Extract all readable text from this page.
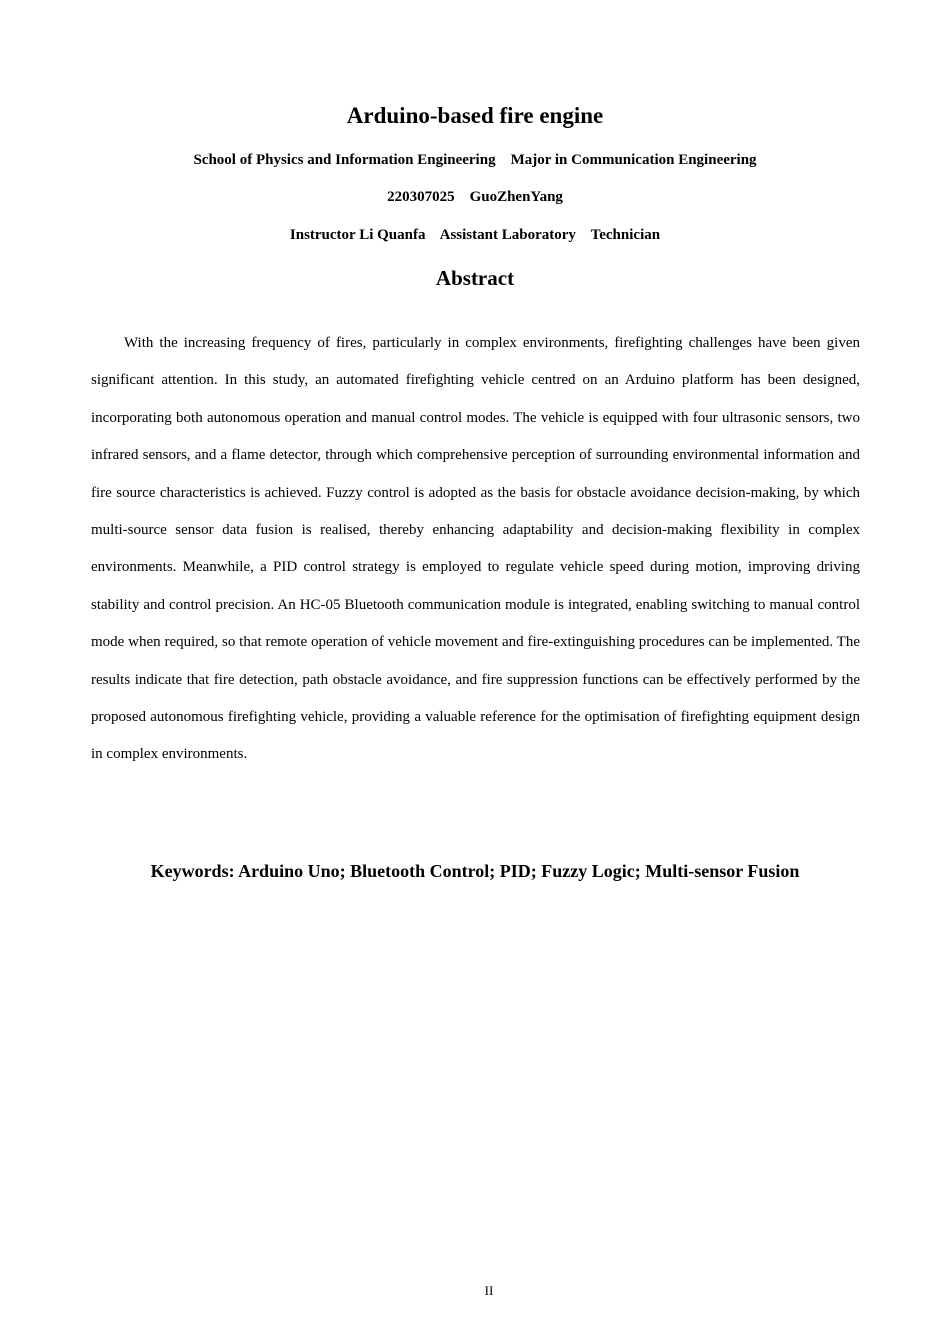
Arduino-based fire engine
School of Physics and Information Engineering    Major in Communication Engineering
220307025    GuoZhenYang
Instructor Li Quanfa    Assistant Laboratory    Technician
Abstract

With the increasing frequency of fires, particularly in complex environments, firefighting challenges have been given significant attention. In this study, an automated firefighting vehicle centred on an Arduino platform has been designed, incorporating both autonomous operation and manual control modes. The vehicle is equipped with four ultrasonic sensors, two infrared sensors, and a flame detector, through which comprehensive perception of surrounding environmental information and fire source characteristics is achieved. Fuzzy control is adopted as the basis for obstacle avoidance decision-making, by which multi-source sensor data fusion is realised, thereby enhancing adaptability and decision-making flexibility in complex environments. Meanwhile, a PID control strategy is employed to regulate vehicle speed during motion, improving driving stability and control precision. An HC-05 Bluetooth communication module is integrated, enabling switching to manual control mode when required, so that remote operation of vehicle movement and fire-extinguishing procedures can be implemented. The results indicate that fire detection, path obstacle avoidance, and fire suppression functions can be effectively performed by the proposed autonomous firefighting vehicle, providing a valuable reference for the optimisation of firefighting equipment design in complex environments.

Keywords: Arduino Uno; Bluetooth Control; PID; Fuzzy Logic; Multi-sensor Fusion
II
